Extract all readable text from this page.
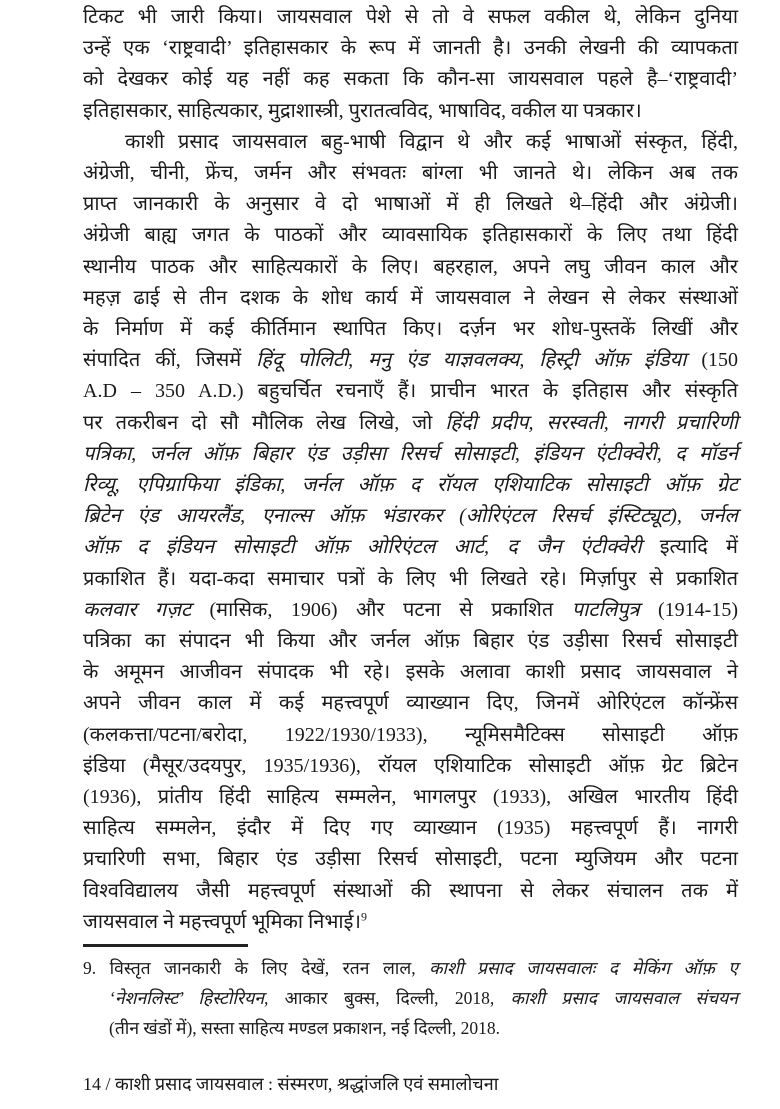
टिकट भी जारी किया। जायसवाल पेशे से तो वे सफल वकील थे, लेकिन दुनिया
उन्हें एक ‘राष्ट्रवादी’ इतिहासकार के रूप में जानती है। उनकी लेखनी की व्यापकता
को देखकर कोई यह नहीं कह सकता कि कौन-सा जायसवाल पहले है–‘राष्ट्रवादी’
इतिहासकार, साहित्यकार, मुद्राशास्त्री, पुरातत्वविद, भाषाविद, वकील या पत्रकार।
काशी प्रसाद जायसवाल बहु-भाषी विद्वान थे और कई भाषाओं संस्कृत, हिंदी,
अंग्रेजी, चीनी, फ्रेंच, जर्मन और संभवतः बांग्ला भी जानते थे। लेकिन अब तक
प्राप्त जानकारी के अनुसार वे दो भाषाओं में ही लिखते थे–हिंदी और अंग्रेजी।
अंग्रेजी बाह्य जगत के पाठकों और व्यावसायिक इतिहासकारों के लिए तथा हिंदी
स्थानीय पाठक और साहित्यकारों के लिए। बहरहाल, अपने लघु जीवन काल और
महज़ ढाई से तीन दशक के शोध कार्य में जायसवाल ने लेखन से लेकर संस्थाओं
के निर्माण में कई कीर्तिमान स्थापित किए। दर्ज़न भर शोध-पुस्तकें लिखीं और
संपादित कीं, जिसमें हिंदू पोलिटी, मनु एंड याज्ञवलक्य, हिस्ट्री ऑफ़ इंडिया (150
A.D – 350 A.D.) बहुचर्चित रचनाएँ हैं। प्राचीन भारत के इतिहास और संस्कृति
पर तकरीबन दो सौ मौलिक लेख लिखे, जो हिंदी प्रदीप, सरस्वती, नागरी प्रचारिणी
पत्रिका, जर्नल ऑफ़ बिहार एंड उड़ीसा रिसर्च सोसाइटी, इंडियन एंटीक्वेरी, द मॉडर्न
रिव्यू, एपिग्राफिया इंडिका, जर्नल ऑफ़ द रॉयल एशियाटिक सोसाइटी ऑफ़ ग्रेट
ब्रिटेन एंड आयरलैंड, एनाल्स ऑफ़ भंडारकर (ओरिएंटल रिसर्च इंस्टिट्यूट), जर्नल
ऑफ़ द इंडियन सोसाइटी ऑफ़ ओरिएंटल आर्ट, द जैन एंटीक्वेरी इत्यादि में
प्रकाशित हैं। यदा-कदा समाचार पत्रों के लिए भी लिखते रहे। मिर्ज़ापुर से प्रकाशित
कलवार गज़ट (मासिक, 1906) और पटना से प्रकाशित पाटलिपुत्र (1914-15)
पत्रिका का संपादन भी किया और जर्नल ऑफ़ बिहार एंड उड़ीसा रिसर्च सोसाइटी
के अमूमन आजीवन संपादक भी रहे। इसके अलावा काशी प्रसाद जायसवाल ने
अपने जीवन काल में कई महत्त्वपूर्ण व्याख्यान दिए, जिनमें ओरिएंटल कॉन्फ्रेंस
(कलकत्ता/पटना/बरोदा, 1922/1930/1933), न्यूमिसमैटिक्स सोसाइटी ऑफ़
इंडिया (मैसूर/उदयपुर, 1935/1936), रॉयल एशियाटिक सोसाइटी ऑफ़ ग्रेट ब्रिटेन
(1936), प्रांतीय हिंदी साहित्य सम्मलेन, भागलपुर (1933), अखिल भारतीय हिंदी
साहित्य सम्मलेन, इंदौर में दिए गए व्याख्यान (1935) महत्त्वपूर्ण हैं। नागरी
प्रचारिणी सभा, बिहार एंड उड़ीसा रिसर्च सोसाइटी, पटना म्युजियम और पटना
विश्वविद्यालय जैसी महत्त्वपूर्ण संस्थाओं की स्थापना से लेकर संचालन तक में
जायसवाल ने महत्त्वपूर्ण भूमिका निभाई।$^9$
9. विस्तृत जानकारी के लिए देखें, रतन लाल, काशी प्रसाद जायसवालः द मेकिंग ऑफ़ ए
‘नेशनलिस्ट’ हिस्टोरियन, आकार बुक्स, दिल्ली, 2018, काशी प्रसाद जायसवाल संचयन
(तीन खंडों में), सस्ता साहित्य मण्डल प्रकाशन, नई दिल्ली, 2018.
14 / काशी प्रसाद जायसवाल : संस्मरण, श्रद्धांजलि एवं समालोचना
